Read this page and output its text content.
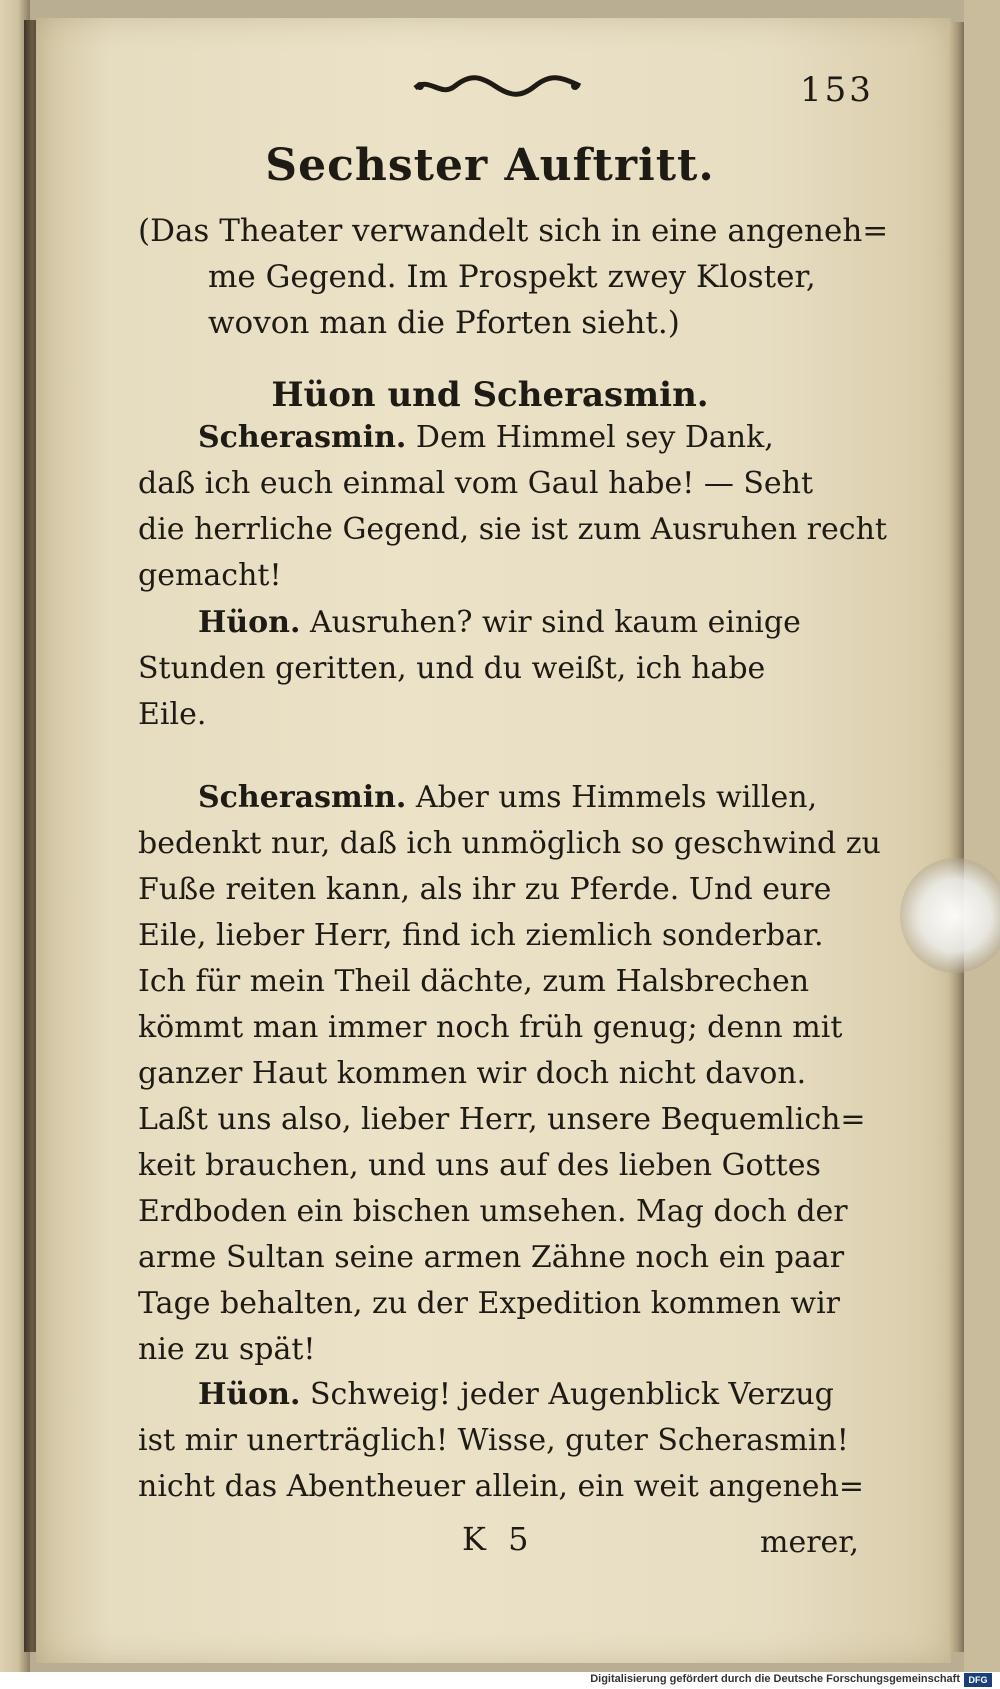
153
Sechster Auftritt.
(Das Theater verwandelt sich in eine angeneh=
me Gegend. Im Prospekt zwey Kloster,
wovon man die Pforten sieht.)
Hüon und Scherasmin.
Scherasmin. Dem Himmel sey Dank,
daß ich euch einmal vom Gaul habe! — Seht
die herrliche Gegend, sie ist zum Ausruhen recht
gemacht!
Hüon. Ausruhen? wir sind kaum einige
Stunden geritten, und du weißt, ich habe
Eile.
Scherasmin. Aber ums Himmels willen,
bedenkt nur, daß ich unmöglich so geschwind zu
Fuße reiten kann, als ihr zu Pferde. Und eure
Eile, lieber Herr, find ich ziemlich sonderbar.
Ich für mein Theil dächte, zum Halsbrechen
kömmt man immer noch früh genug; denn mit
ganzer Haut kommen wir doch nicht davon.
Laßt uns also, lieber Herr, unsere Bequemlich=
keit brauchen, und uns auf des lieben Gottes
Erdboden ein bischen umsehen. Mag doch der
arme Sultan seine armen Zähne noch ein paar
Tage behalten, zu der Expedition kommen wir
nie zu spät!
Hüon. Schweig! jeder Augenblick Verzug
ist mir unerträglich! Wisse, guter Scherasmin!
nicht das Abentheuer allein, ein weit angeneh=
K 5	merer,
Digitalisierung gefördert durch die Deutsche Forschungsgemeinschaft DFG
